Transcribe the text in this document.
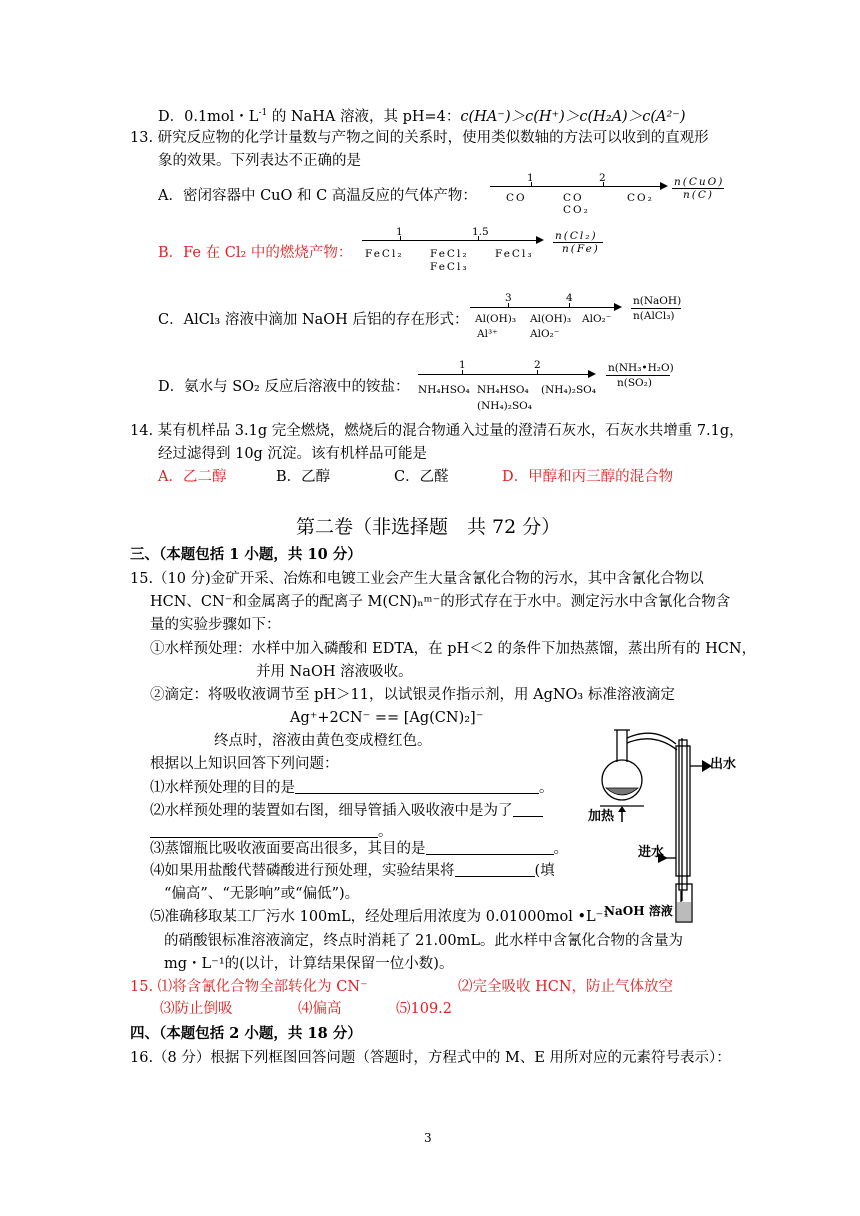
D．0.1mol・$L^{-1}$ 的 NaHA 溶液，其 pH=4：c(HA⁻)＞c(H⁺)＞c(H₂A)＞c(A²⁻)
13. 研究反应物的化学计量数与产物之间的关系时，使用类似数轴的方法可以收到的直观形
象的效果。下列表达不正确的是
A．密闭容器中 CuO 和 C 高温反应的气体产物：
1	2
CO	CO
CO₂
CO₂
n(CuO)
n(C)
B．Fe 在 Cl₂ 中的燃烧产物：
1	1.5
FeCl₂	FeCl₂
FeCl₃
FeCl₃
n(Cl₂)
n(Fe)
C．AlCl₃ 溶液中滴加 NaOH 后铝的存在形式：
3	4
Al(OH)₃
Al³⁺
Al(OH)₃
AlO₂⁻
AlO₂⁻
n(NaOH)
n(AlCl₃)
D．氨水与 SO₂ 反应后溶液中的铵盐：
1	2
NH₄HSO₄ NH₄HSO₄
(NH₄)₂SO₄
(NH₄)₂SO₄
n(NH₃•H₂O)
n(SO₂)
14. 某有机样品 3.1g 完全燃烧，燃烧后的混合物通入过量的澄清石灰水，石灰水共增重 7.1g，
经过滤得到 10g 沉淀。该有机样品可能是
A．乙二醇	B．乙醇	C．乙醛	D．甲醇和丙三醇的混合物
第二卷（非选择题　共 72 分）
三、（本题包括 1 小题，共 10 分）
15.（10 分)金矿开采、冶炼和电镀工业会产生大量含氰化合物的污水，其中含氰化合物以
HCN、CN⁻和金属离子的配离子 M(CN)ₙᵐ⁻的形式存在于水中。测定污水中含氰化合物含
量的实验步骤如下：
①水样预处理：水样中加入磷酸和 EDTA，在 pH＜2 的条件下加热蒸馏，蒸出所有的 HCN，
并用 NaOH 溶液吸收。
②滴定：将吸收液调节至 pH＞11，以试银灵作指示剂，用 AgNO₃ 标准溶液滴定
Ag⁺+2CN⁻ == [Ag(CN)₂]⁻
终点时，溶液由黄色变成橙红色。
根据以上知识回答下列问题：
⑴水样预处理的目的是	。
⑵水样预处理的装置如右图，细导管插入吸收液中是为了
。
⑶蒸馏瓶比吸收液面要高出很多，其目的是	。
⑷如果用盐酸代替磷酸进行预处理，实验结果将	(填
“偏高”、“无影响”或“偏低”)。
⑸准确移取某工厂污水 100mL，经处理后用浓度为 0.01000mol •L⁻¹
的硝酸银标准溶液滴定，终点时消耗了 21.00mL。此水样中含氰化合物的含量为
mg・L⁻¹的(以计，计算结果保留一位小数)。
15. ⑴将含氰化合物全部转化为 CN⁻	⑵完全吸收 HCN，防止气体放空
⑶防止倒吸	⑷偏高	⑸109.2
四、（本题包括 2 小题，共 18 分）
16.（8 分）根据下列框图回答问题（答题时，方程式中的 M、E 用所对应的元素符号表示）：
出水
加热
进水
NaOH 溶液
3
